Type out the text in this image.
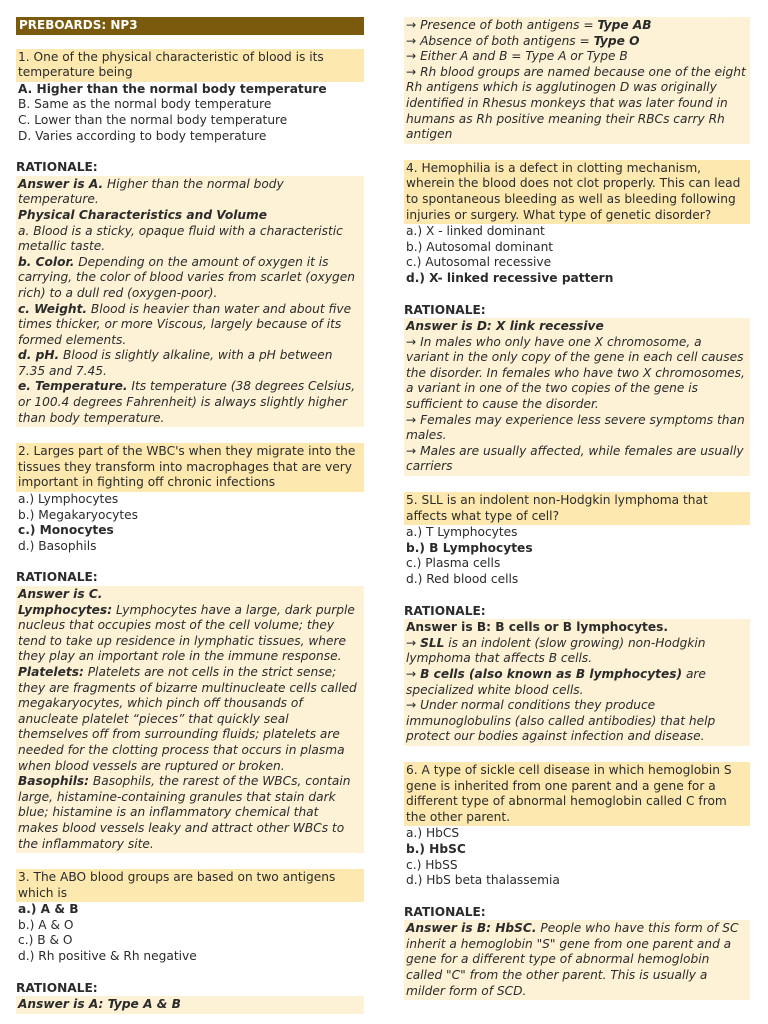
PREBOARDS: NP3
1. One of the physical characteristic of blood is its temperature being
A. Higher than the normal body temperature
B. Same as the normal body temperature
C. Lower than the normal body temperature
D. Varies according to body temperature
RATIONALE:

Answer is A. Higher than the normal body temperature.

Physical Characteristics and Volume

a. Blood is a sticky, opaque fluid with a characteristic metallic taste.

b. Color. Depending on the amount of oxygen it is carrying, the color of blood varies from scarlet (oxygen rich) to a dull red (oxygen-poor).

c. Weight. Blood is heavier than water and about five times thicker, or more Viscous, largely because of its formed elements.

d. pH. Blood is slightly alkaline, with a pH between 7.35 and 7.45.

e. Temperature. Its temperature (38 degrees Celsius, or 100.4 degrees Fahrenheit) is always slightly higher than body temperature.

2. Larges part of the WBC's when they migrate into the tissues they transform into macrophages that are very important in fighting off chronic infections
a.) Lymphocytes
b.) Megakaryocytes
c.) Monocytes
d.) Basophils
RATIONALE:

Answer is C.

Lymphocytes: Lymphocytes have a large, dark purple nucleus that occupies most of the cell volume; they tend to take up residence in lymphatic tissues, where they play an important role in the immune response.

Platelets: Platelets are not cells in the strict sense; they are fragments of bizarre multinucleate cells called megakaryocytes, which pinch off thousands of anucleate platelet “pieces” that quickly seal themselves off from surrounding fluids; platelets are needed for the clotting process that occurs in plasma when blood vessels are ruptured or broken.

Basophils: Basophils, the rarest of the WBCs, contain large, histamine-containing granules that stain dark blue; histamine is an inflammatory chemical that makes blood vessels leaky and attract other WBCs to the inflammatory site.

3. The ABO blood groups are based on two antigens which is
a.) A & B
b.) A & O
c.) B & O
d.) Rh positive & Rh negative
RATIONALE:
Answer is A: Type A & B

→ Presence of both antigens = Type AB

→ Absence of both antigens = Type O

→ Either A and B = Type A or Type B

→ Rh blood groups are named because one of the eight Rh antigens which is agglutinogen D was originally identified in Rhesus monkeys that was later found in humans as Rh positive meaning their RBCs carry Rh antigen

4. Hemophilia is a defect in clotting mechanism, wherein the blood does not clot properly. This can lead to spontaneous bleeding as well as bleeding following injuries or surgery. What type of genetic disorder?
a.) X - linked dominant
b.) Autosomal dominant
c.) Autosomal recessive
d.) X- linked recessive pattern
RATIONALE:

Answer is D: X link recessive

→ In males who only have one X chromosome, a variant in the only copy of the gene in each cell causes the disorder. In females who have two X chromosomes, a variant in one of the two copies of the gene is sufficient to cause the disorder.

→ Females may experience less severe symptoms than males.

→ Males are usually affected, while females are usually carriers

5. SLL is an indolent non-Hodgkin lymphoma that affects what type of cell?
a.) T Lymphocytes
b.) B Lymphocytes
c.) Plasma cells
d.) Red blood cells
RATIONALE:

Answer is B: B cells or B lymphocytes.

→ SLL is an indolent (slow growing) non-Hodgkin lymphoma that affects B cells.

→ B cells (also known as B lymphocytes) are specialized white blood cells.

→ Under normal conditions they produce immunoglobulins (also called antibodies) that help protect our bodies against infection and disease.

6. A type of sickle cell disease in which hemoglobin S gene is inherited from one parent and a gene for a different type of abnormal hemoglobin called C from the other parent.
a.) HbCS
b.) HbSC
c.) HbSS
d.) HbS beta thalassemia
RATIONALE:

Answer is B: HbSC. People who have this form of SC inherit a hemoglobin "S" gene from one parent and a gene for a different type of abnormal hemoglobin called "C" from the other parent. This is usually a milder form of SCD.
